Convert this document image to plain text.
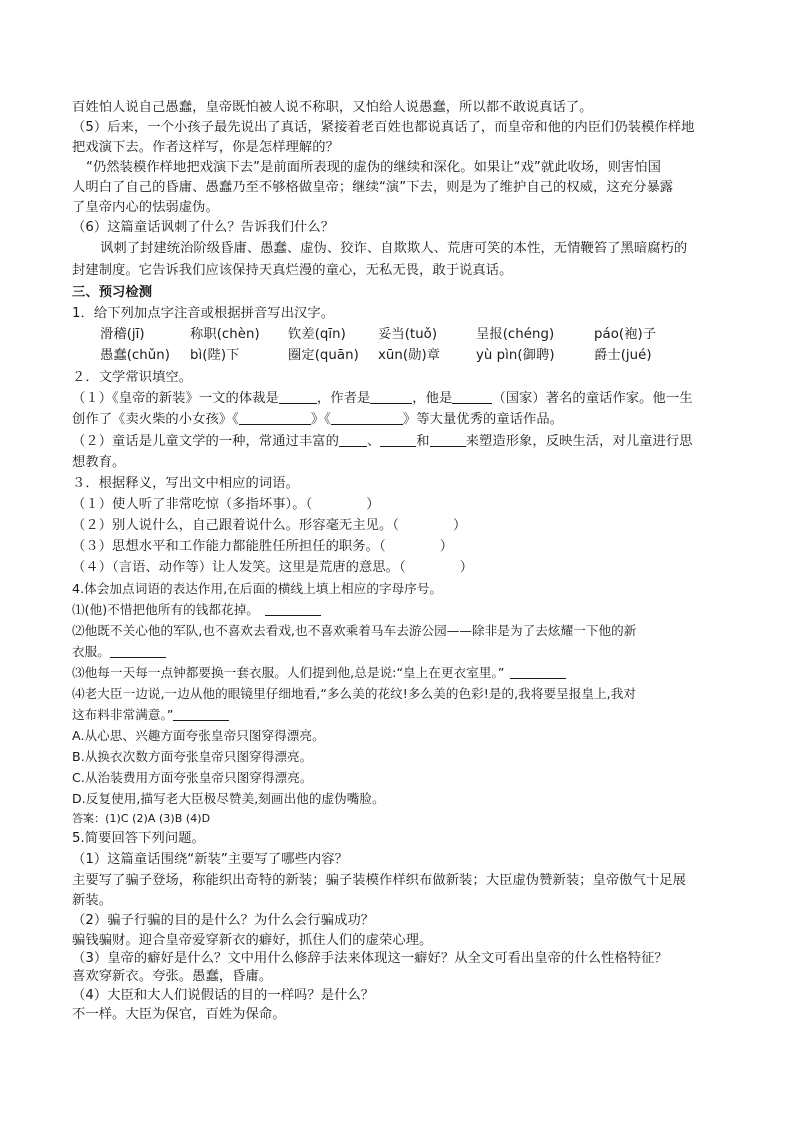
百姓怕人说自己愚蠢，皇帝既怕被人说不称职，又怕给人说愚蠢，所以都不敢说真话了。
（5）后来，一个小孩子最先说出了真话，紧接着老百姓也都说真话了，而皇帝和他的内臣们仍装模作样地
把戏演下去。作者这样写，你是怎样理解的？
“仍然装模作样地把戏演下去”是前面所表现的虚伪的继续和深化。如果让“戏”就此收场，则害怕国
人明白了自己的昏庸、愚蠢乃至不够格做皇帝；继续“演”下去，则是为了维护自己的权威，这充分暴露
了皇帝内心的怯弱虚伪。
（6）这篇童话讽刺了什么？告诉我们什么？
讽刺了封建统治阶级昏庸、愚蠢、虚伪、狡诈、自欺欺人、荒唐可笑的本性，无情鞭笞了黑暗腐朽的
封建制度。它告诉我们应该保持天真烂漫的童心，无私无畏，敢于说真话。
三、预习检测
1．给下列加点字注音或根据拼音写出汉字。
滑稽(jī)	称职(chèn) 钦差(qīn) 妥当(tuǒ)	呈报(chéng)	páo(袍)子
愚蠢(chǔn) bì(陛)下	圈定(quān) xūn(勋)章	yù pìn(御聘)	爵士(jué)
２．文学常识填空。
（１）《皇帝的新装》一文的体裁是	，作者是	，他是	（国家）著名的童话作家。他一生
创作了《卖火柴的小女孩》《	》《	》等大量优秀的童话作品。
（２）童话是儿童文学的一种，常通过丰富的 、	和	来塑造形象，反映生活，对儿童进行思
想教育。
３．根据释义，写出文中相应的词语。
（１）使人听了非常吃惊（多指坏事）。（	）
（２）别人说什么，自己跟着说什么。形容毫无主见。（	）
（３）思想水平和工作能力都能胜任所担任的职务。（	）
（４）（言语、动作等）让人发笑。这里是荒唐的意思。（	）
4.体会加点词语的表达作用,在后面的横线上填上相应的字母序号。
⑴(他)不惜把他所有的钱都花掉。
⑵他既不关心他的军队,也不喜欢去看戏,也不喜欢乘着马车去游公园——除非是为了去炫耀一下他的新
衣服。
⑶他每一天每一点钟都要换一套衣服。人们提到他,总是说:“皇上在更衣室里。”
⑷老大臣一边说,一边从他的眼镜里仔细地看,“多么美的花纹!多么美的色彩!是的,我将要呈报皇上,我对
这布料非常满意。”
A.从心思、兴趣方面夸张皇帝只图穿得漂亮。
B.从换衣次数方面夸张皇帝只图穿得漂亮。
C.从治装费用方面夸张皇帝只图穿得漂亮。
D.反复使用,描写老大臣极尽赞美,刻画出他的虚伪嘴脸。
答案：(1)C (2)A (3)B (4)D
5.简要回答下列问题。
（1）这篇童话围绕“新装”主要写了哪些内容？
主要写了骗子登场，称能织出奇特的新装；骗子装模作样织布做新装；大臣虚伪赞新装；皇帝傲气十足展
新装。
（2）骗子行骗的目的是什么？为什么会行骗成功？
骗钱骗财。迎合皇帝爱穿新衣的癖好，抓住人们的虚荣心理。
（3）皇帝的癖好是什么？文中用什么修辞手法来体现这一癖好？从全文可看出皇帝的什么性格特征？
喜欢穿新衣。夸张。愚蠢，昏庸。
（4）大臣和大人们说假话的目的一样吗？是什么？
不一样。大臣为保官，百姓为保命。
